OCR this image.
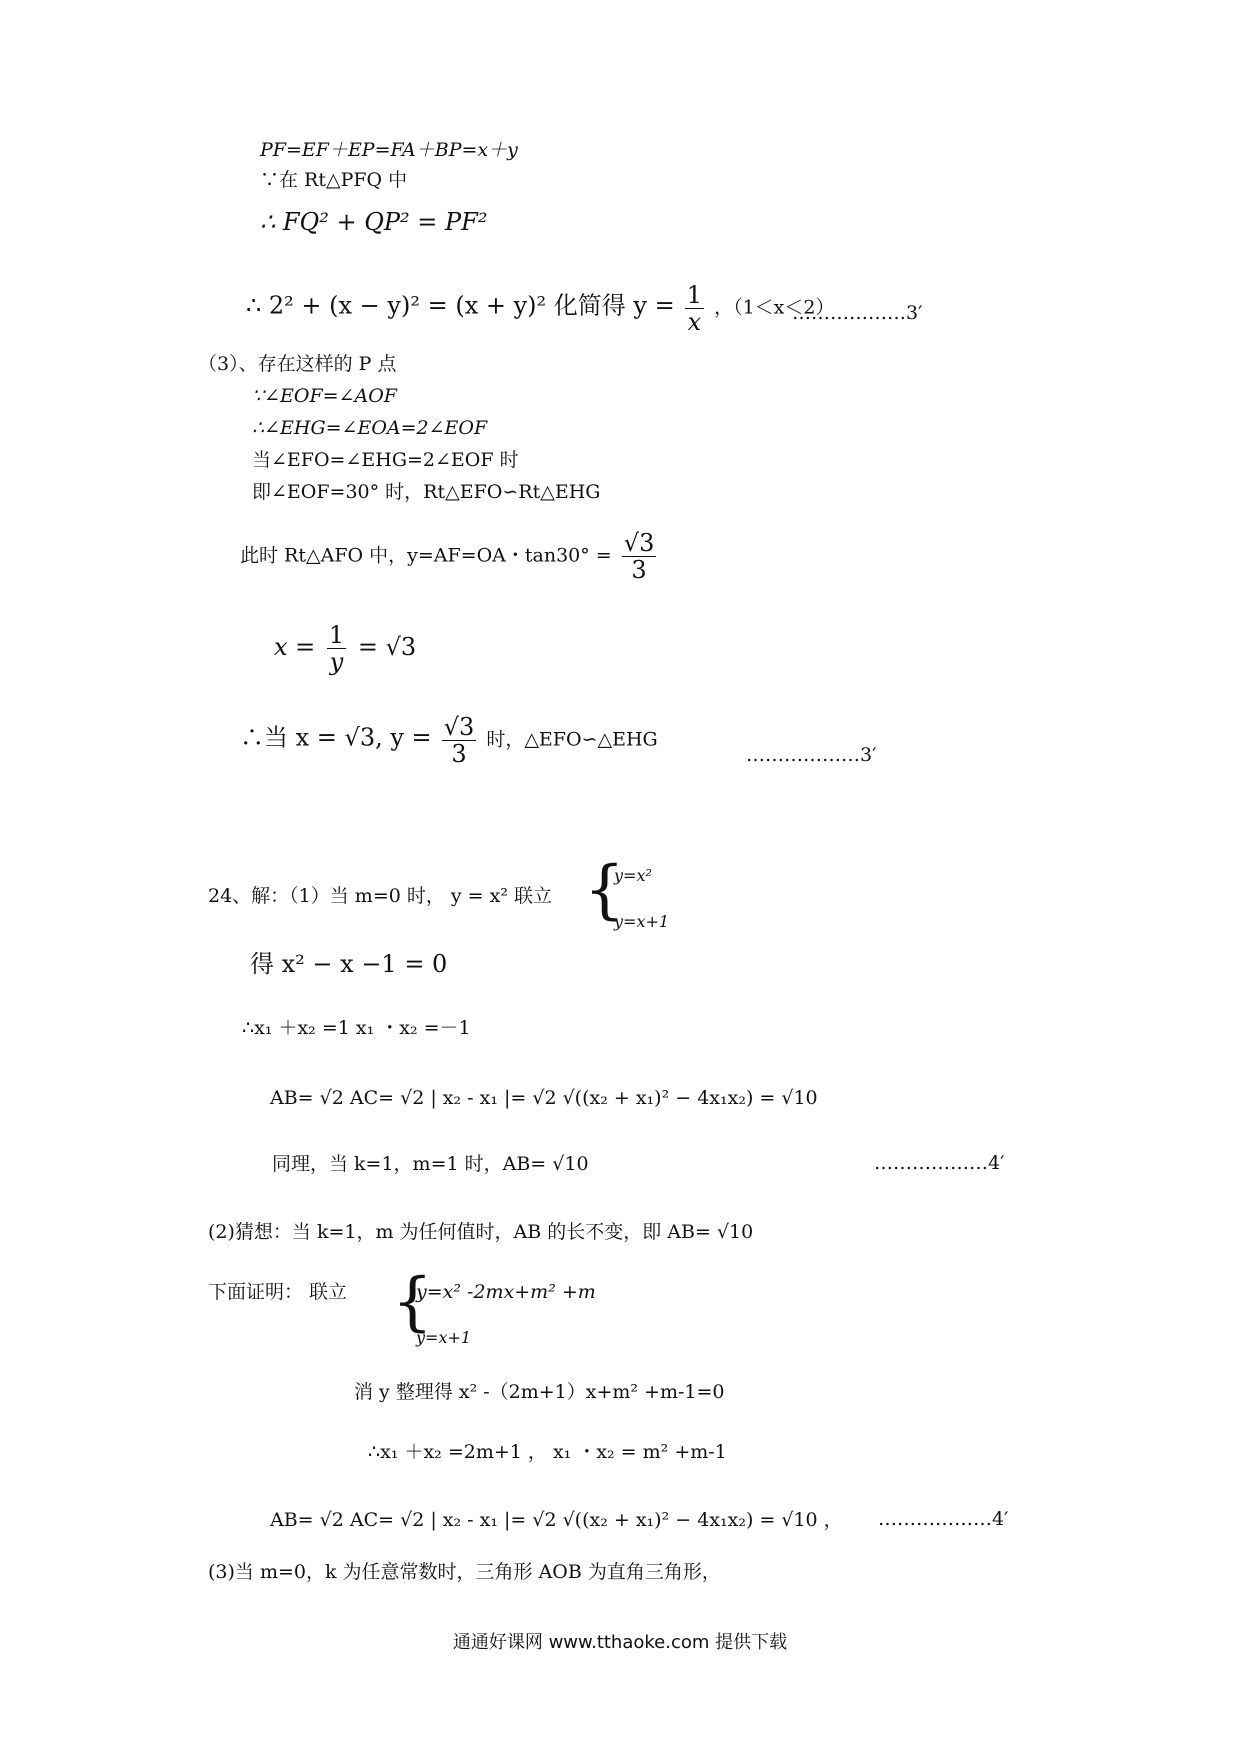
PF=EF＋EP=FA＋BP=x＋y
∵在 Rt△PFQ 中
∴ FQ² + QP² = PF²
∴ 2² + (x − y)² = (x + y)² 化简得 $y = \frac{1}{x}$ ，（1＜x＜2）
………………3′
（3）、存在这样的 P 点
∵∠EOF=∠AOF
∴∠EHG=∠EOA=2∠EOF
当∠EFO=∠EHG=2∠EOF 时
即∠EOF=30° 时，Rt△EFO∽Rt△EHG
此时 Rt△AFO 中，y=AF=OA・$\tan 30^\circ = \frac{√3}{3}$
$x = \frac{1}{y} = √3$
∴当 x = √3, $y = \frac{√3}{3}$ 时，△EFO∽△EHG
………………3′
24、解：（1）当 m=0 时， y = x² 联立 {
y=x²
y=x+1
得 x² − x −1 = 0
∴x₁ ＋x₂ =1 x₁ ・x₂ =－1
AB= √2 AC= √2 | x₂ - x₁ |= √2 √((x₂ + x₁)² − 4x₁x₂) = √10
同理，当 k=1，m=1 时，AB= √10	………………4′
(2)猜想：当 k=1，m 为任何值时，AB 的长不变，即 AB= √10
下面证明： 联立 {
y=x² -2mx+m² +m
y=x+1
消 y 整理得 x² -（2m+1）x+m² +m-1=0
∴x₁ ＋x₂ =2m+1 ， x₁ ・x₂ = m² +m-1
AB= √2 AC= √2 | x₂ - x₁ |= √2 √((x₂ + x₁)² − 4x₁x₂) = √10 ， ………………4′
(3)当 m=0，k 为任意常数时，三角形 AOB 为直角三角形，
通通好课网 www.tthaoke.com 提供下载
